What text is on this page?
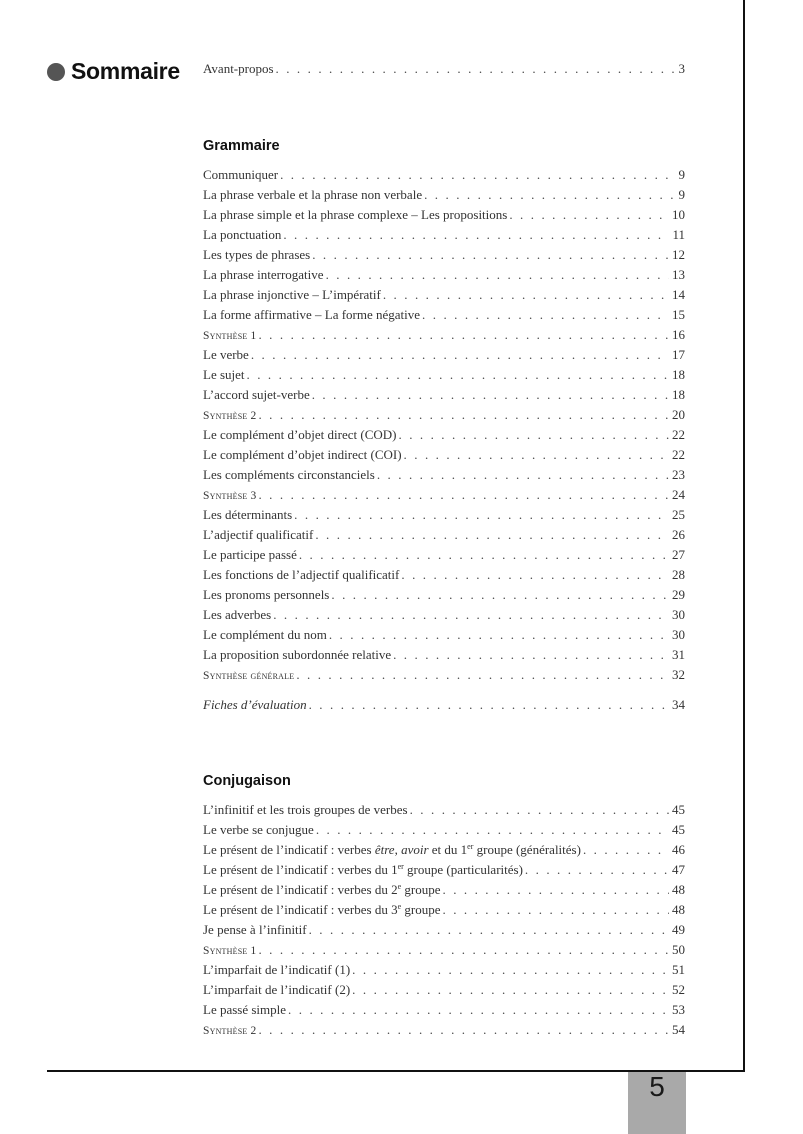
5
Sommaire Avant-propos . . .	3
Grammaire
Communiquer . . .	9
La phrase verbale et la phrase non verbale . . .	9
La phrase simple et la phrase complexe – Les propositions . . .	10
La ponctuation . . .	11
Les types de phrases . . .	12
La phrase interrogative . . .	13
La phrase injonctive – L’impératif . . .	14
La forme affirmative – La forme négative . . .	15
Synthèse 1 . . .	16
Le verbe . . .	17
Le sujet . . .	18
L’accord sujet-verbe . . .	18
Synthèse 2 . . .	20
Le complément d’objet direct (COD) . . .	22
Le complément d’objet indirect (COI) . . .	22
Les compléments circonstanciels . . .	23
Synthèse 3 . . .	24
Les déterminants . . .	25
L’adjectif qualificatif . . .	26
Le participe passé . . .	27
Les fonctions de l’adjectif qualificatif . . .	28
Les pronoms personnels . . .	29
Les adverbes . . .	30
Le complément du nom . . .	30
La proposition subordonnée relative . . .	31
Synthèse générale . . .	32
Fiches d’évaluation . . .	34
Conjugaison
L’infinitif et les trois groupes de verbes . . .	45
Le verbe se conjugue . . .	45
Le présent de l’indicatif : verbes être, avoir et du 1er groupe (généralités) . . .	46
Le présent de l’indicatif : verbes du 1er groupe (particularités) . . .	47
Le présent de l’indicatif : verbes du 2e groupe . . .	48
Le présent de l’indicatif : verbes du 3e groupe . . .	48
Je pense à l’infinitif . . .	49
Synthèse 1 . . .	50
L’imparfait de l’indicatif (1) . . .	51
L’imparfait de l’indicatif (2) . . .	52
Le passé simple . . .	53
Synthèse 2 . . .	54
